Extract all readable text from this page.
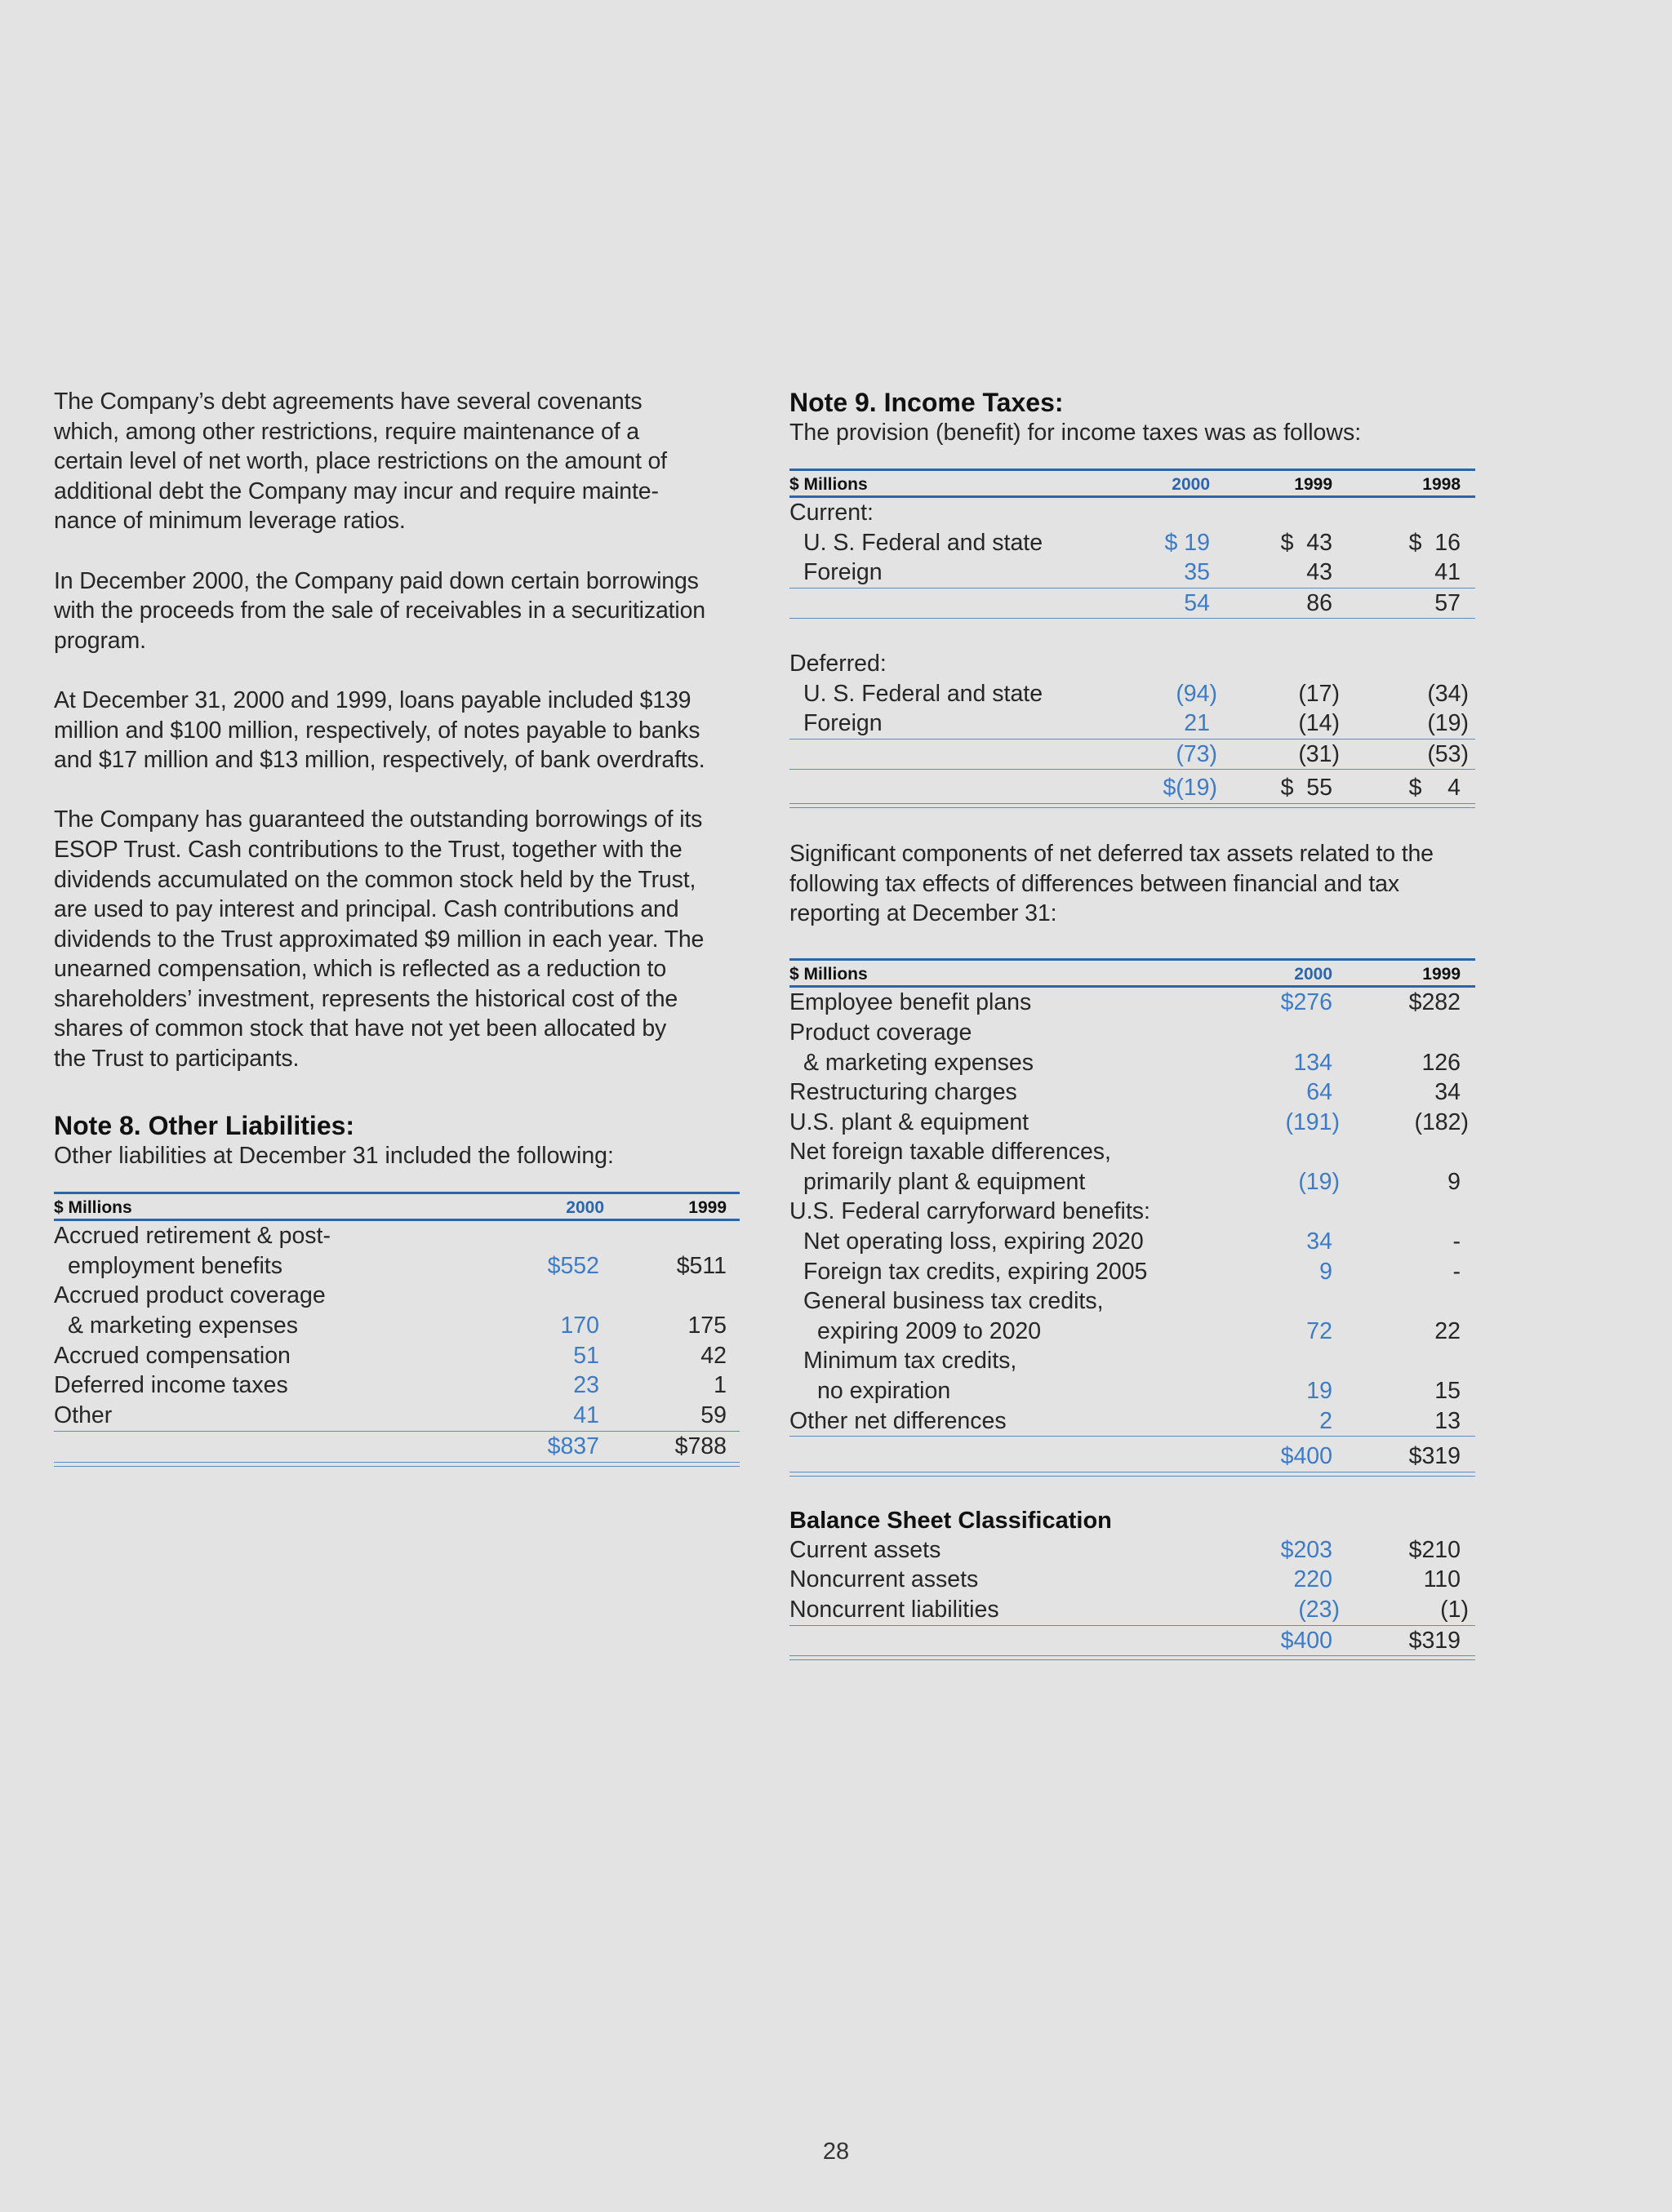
The Company’s debt agreements have several covenants
which, among other restrictions, require maintenance of a
certain level of net worth, place restrictions on the amount of
additional debt the Company may incur and require mainte-
nance of minimum leverage ratios.
In December 2000, the Company paid down certain borrowings
with the proceeds from the sale of receivables in a securitization
program.
At December 31, 2000 and 1999, loans payable included $139
million and $100 million, respectively, of notes payable to banks
and $17 million and $13 million, respectively, of bank overdrafts.
The Company has guaranteed the outstanding borrowings of its
ESOP Trust. Cash contributions to the Trust, together with the
dividends accumulated on the common stock held by the Trust,
are used to pay interest and principal. Cash contributions and
dividends to the Trust approximated $9 million in each year. The
unearned compensation, which is reflected as a reduction to
shareholders’ investment, represents the historical cost of the
shares of common stock that have not yet been allocated by
the Trust to participants.
Note 8. Other Liabilities:
Other liabilities at December 31 included the following:
$ Millions	2000	1999
Accrued retirement & post-
employment benefits	$552	$511
Accrued product coverage
& marketing expenses	170	175
Accrued compensation	51	42
Deferred income taxes	23	1
Other	41	59
$837	$788
Note 9. Income Taxes:
The provision (benefit) for income taxes was as follows:
$ Millions	2000	1999	1998
Current:
U. S. Federal and state	$ 19	$  43	$  16
Foreign	35	43	41
54	86	57
Deferred:
U. S. Federal and state	(94)	(17)	(34)
Foreign	21	(14)	(19)
(73)	(31)	(53)
$(19)	$  55	$    4
Significant components of net deferred tax assets related to the
following tax effects of differences between financial and tax
reporting at December 31:
$ Millions	2000	1999
Employee benefit plans	$276	$282
Product coverage
& marketing expenses	134	126
Restructuring charges	64	34
U.S. plant & equipment	(191)	(182)
Net foreign taxable differences,
primarily plant & equipment	(19)	9
U.S. Federal carryforward benefits:
Net operating loss, expiring 2020	34	-
Foreign tax credits, expiring 2005	9	-
General business tax credits,
expiring 2009 to 2020	72	22
Minimum tax credits,
no expiration	19	15
Other net differences	2	13
$400	$319
Balance Sheet Classification
Current assets	$203	$210
Noncurrent assets	220	110
Noncurrent liabilities	(23)	(1)
$400	$319
28
